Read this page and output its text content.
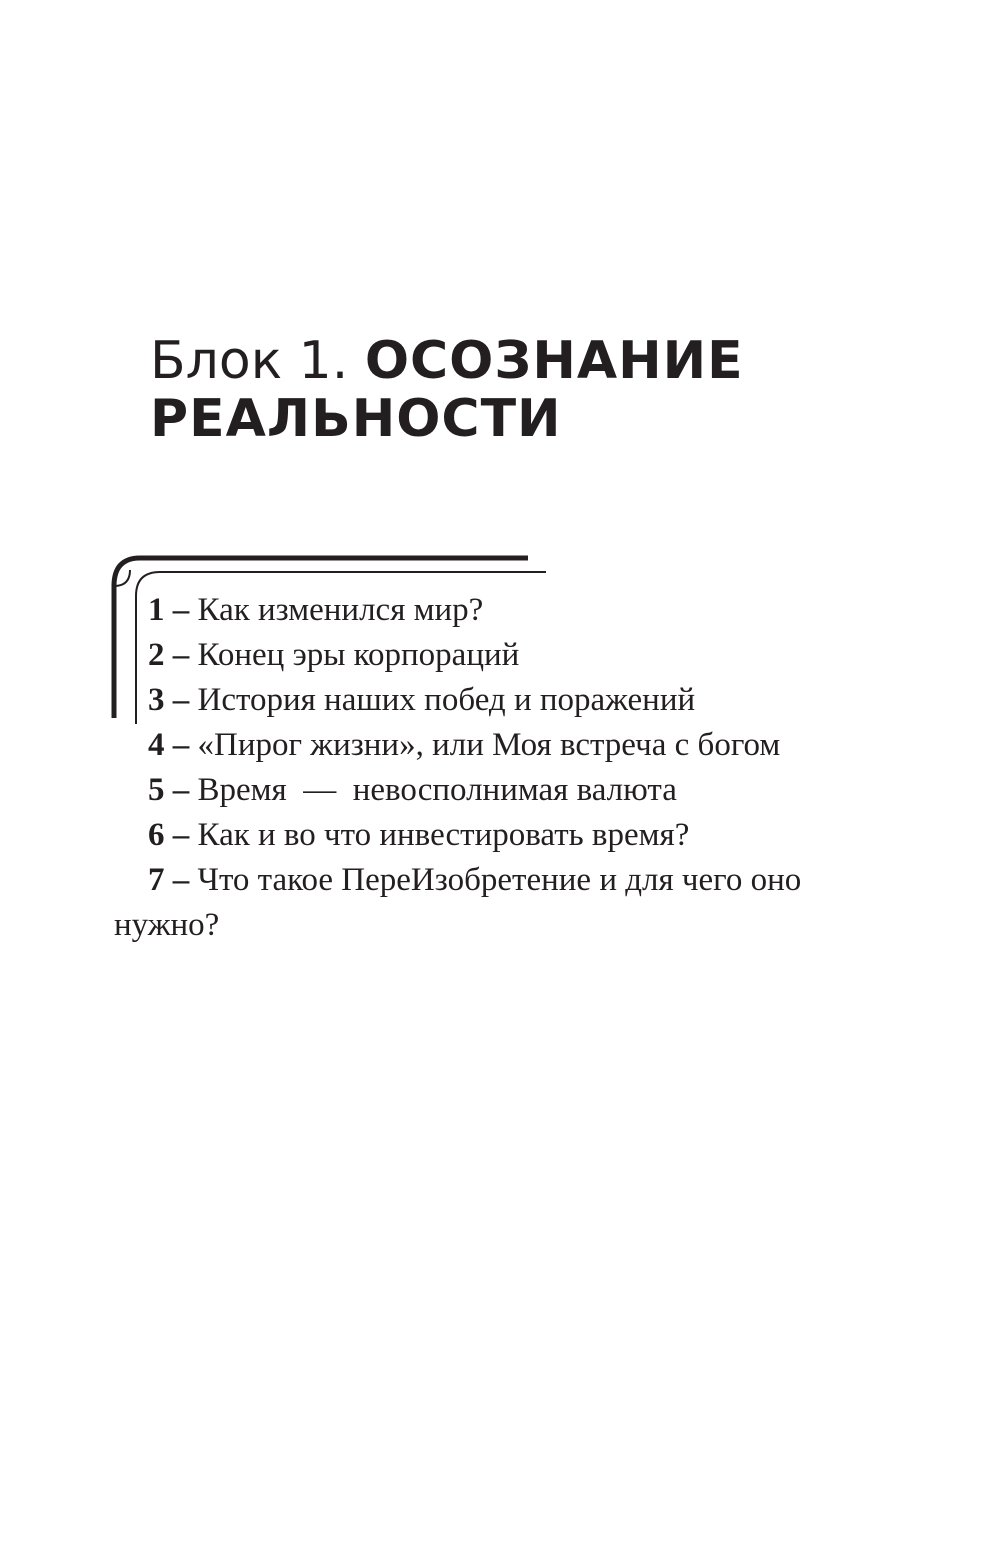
Блок 1. ОСОЗНАНИЕ
РЕАЛЬНОСТИ
1 – Как изменился мир?
2 – Конец эры корпораций
3 – История наших побед и поражений
4 – «Пирог жизни», или Моя встреча с богом
5 – Время  —  невосполнимая валюта
6 – Как и во что инвестировать время?
7 – Что такое ПереИзобретение и для чего оно нужно?
